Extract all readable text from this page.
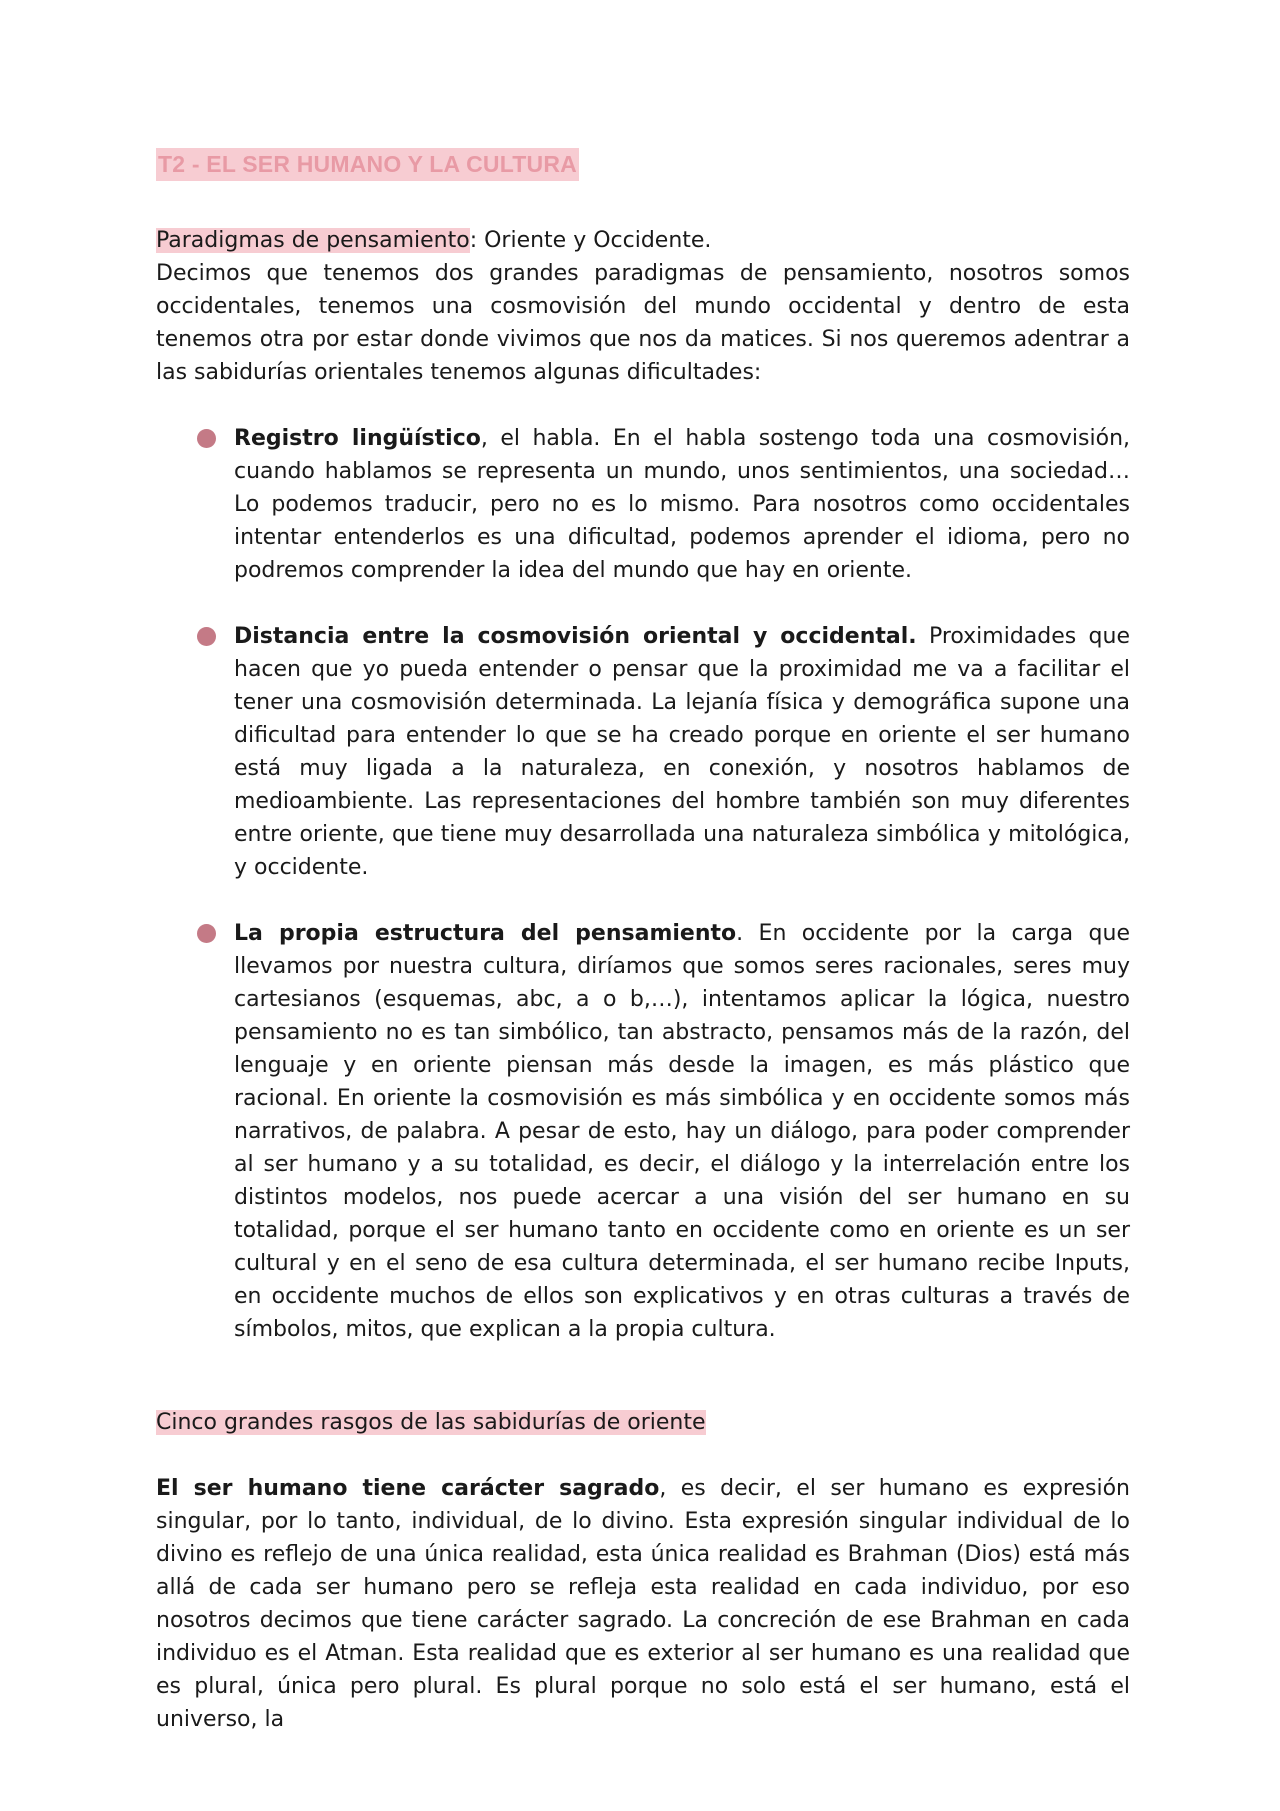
T2 - EL SER HUMANO Y LA CULTURA

Paradigmas de pensamiento: Oriente y Occidente.

Decimos que tenemos dos grandes paradigmas de pensamiento, nosotros somos occidentales, tenemos una cosmovisión del mundo occidental y dentro de esta tenemos otra por estar donde vivimos que nos da matices. Si nos queremos adentrar a las sabidurías orientales tenemos algunas dificultades:

Registro lingüístico, el habla. En el habla sostengo toda una cosmovisión, cuando hablamos se representa un mundo, unos sentimientos, una sociedad… Lo podemos traducir, pero no es lo mismo. Para nosotros como occidentales intentar entenderlos es una dificultad, podemos aprender el idioma, pero no podremos comprender la idea del mundo que hay en oriente.

Distancia entre la cosmovisión oriental y occidental. Proximidades que hacen que yo pueda entender o pensar que la proximidad me va a facilitar el tener una cosmovisión determinada. La lejanía física y demográfica supone una dificultad para entender lo que se ha creado porque en oriente el ser humano está muy ligada a la naturaleza, en conexión, y nosotros hablamos de medioambiente. Las representaciones del hombre también son muy diferentes entre oriente, que tiene muy desarrollada una naturaleza simbólica y mitológica, y occidente.

La propia estructura del pensamiento. En occidente por la carga que llevamos por nuestra cultura, diríamos que somos seres racionales, seres muy cartesianos (esquemas, abc, a o b,…), intentamos aplicar la lógica, nuestro pensamiento no es tan simbólico, tan abstracto, pensamos más de la razón, del lenguaje y en oriente piensan más desde la imagen, es más plástico que racional. En oriente la cosmovisión es más simbólica y en occidente somos más narrativos, de palabra. A pesar de esto, hay un diálogo, para poder comprender al ser humano y a su totalidad, es decir, el diálogo y la interrelación entre los distintos modelos, nos puede acercar a una visión del ser humano en su totalidad, porque el ser humano tanto en occidente como en oriente es un ser cultural y en el seno de esa cultura determinada, el ser humano recibe Inputs, en occidente muchos de ellos son explicativos y en otras culturas a través de símbolos, mitos, que explican a la propia cultura.

Cinco grandes rasgos de las sabidurías de oriente

El ser humano tiene carácter sagrado, es decir, el ser humano es expresión singular, por lo tanto, individual, de lo divino. Esta expresión singular individual de lo divino es reflejo de una única realidad, esta única realidad es Brahman (Dios) está más allá de cada ser humano pero se refleja esta realidad en cada individuo, por eso nosotros decimos que tiene carácter sagrado. La concreción de ese Brahman en cada individuo es el Atman. Esta realidad que es exterior al ser humano es una realidad que es plural, única pero plural. Es plural porque no solo está el ser humano, está el universo, la
